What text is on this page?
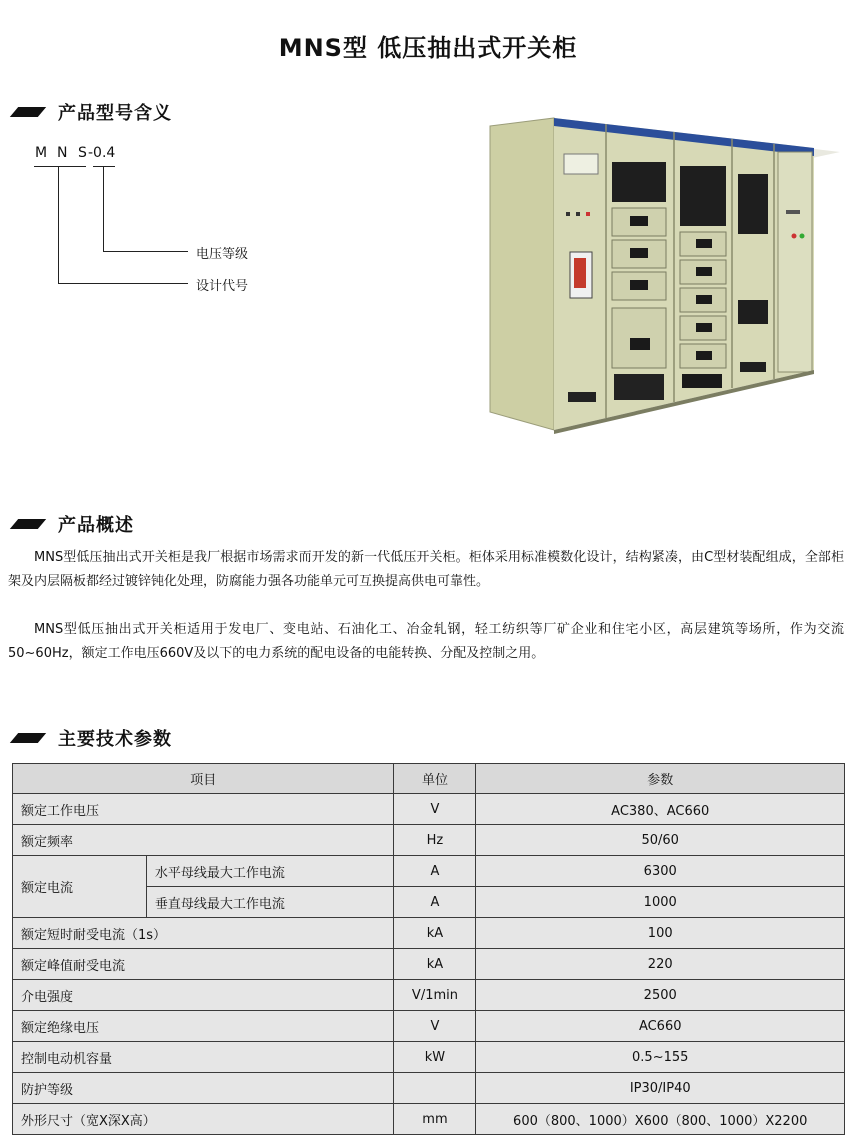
MNS型 低压抽出式开关柜
产品型号含义
M N S -0.4
电压等级
设计代号
产品概述
MNS型低压抽出式开关柜是我厂根据市场需求而开发的新一代低压开关柜。柜体采用标准模数化设计，结构紧凑，由C型材装配组成，全部柜架及内层隔板都经过镀锌钝化处理，防腐能力强各功能单元可互换提高供电可靠性。
MNS型低压抽出式开关柜适用于发电厂、变电站、石油化工、冶金轧钢，轻工纺织等厂矿企业和住宅小区，高层建筑等场所，作为交流50~60Hz，额定工作电压660V及以下的电力系统的配电设备的电能转换、分配及控制之用。
主要技术参数
项目		单位	参数
额定工作电压		V	AC380、AC660
额定频率		Hz	50/60
额定电流	水平母线最大工作电流	A	6300
	垂直母线最大工作电流	A	1000
额定短时耐受电流（1s）		kA	100
额定峰值耐受电流		kA	220
介电强度		V/1min	2500
额定绝缘电压		V	AC660
控制电动机容量		kW	0.5~155
防护等级			IP30/IP40
外形尺寸（宽X深X高）		mm	600（800、1000）X600（800、1000）X2200
